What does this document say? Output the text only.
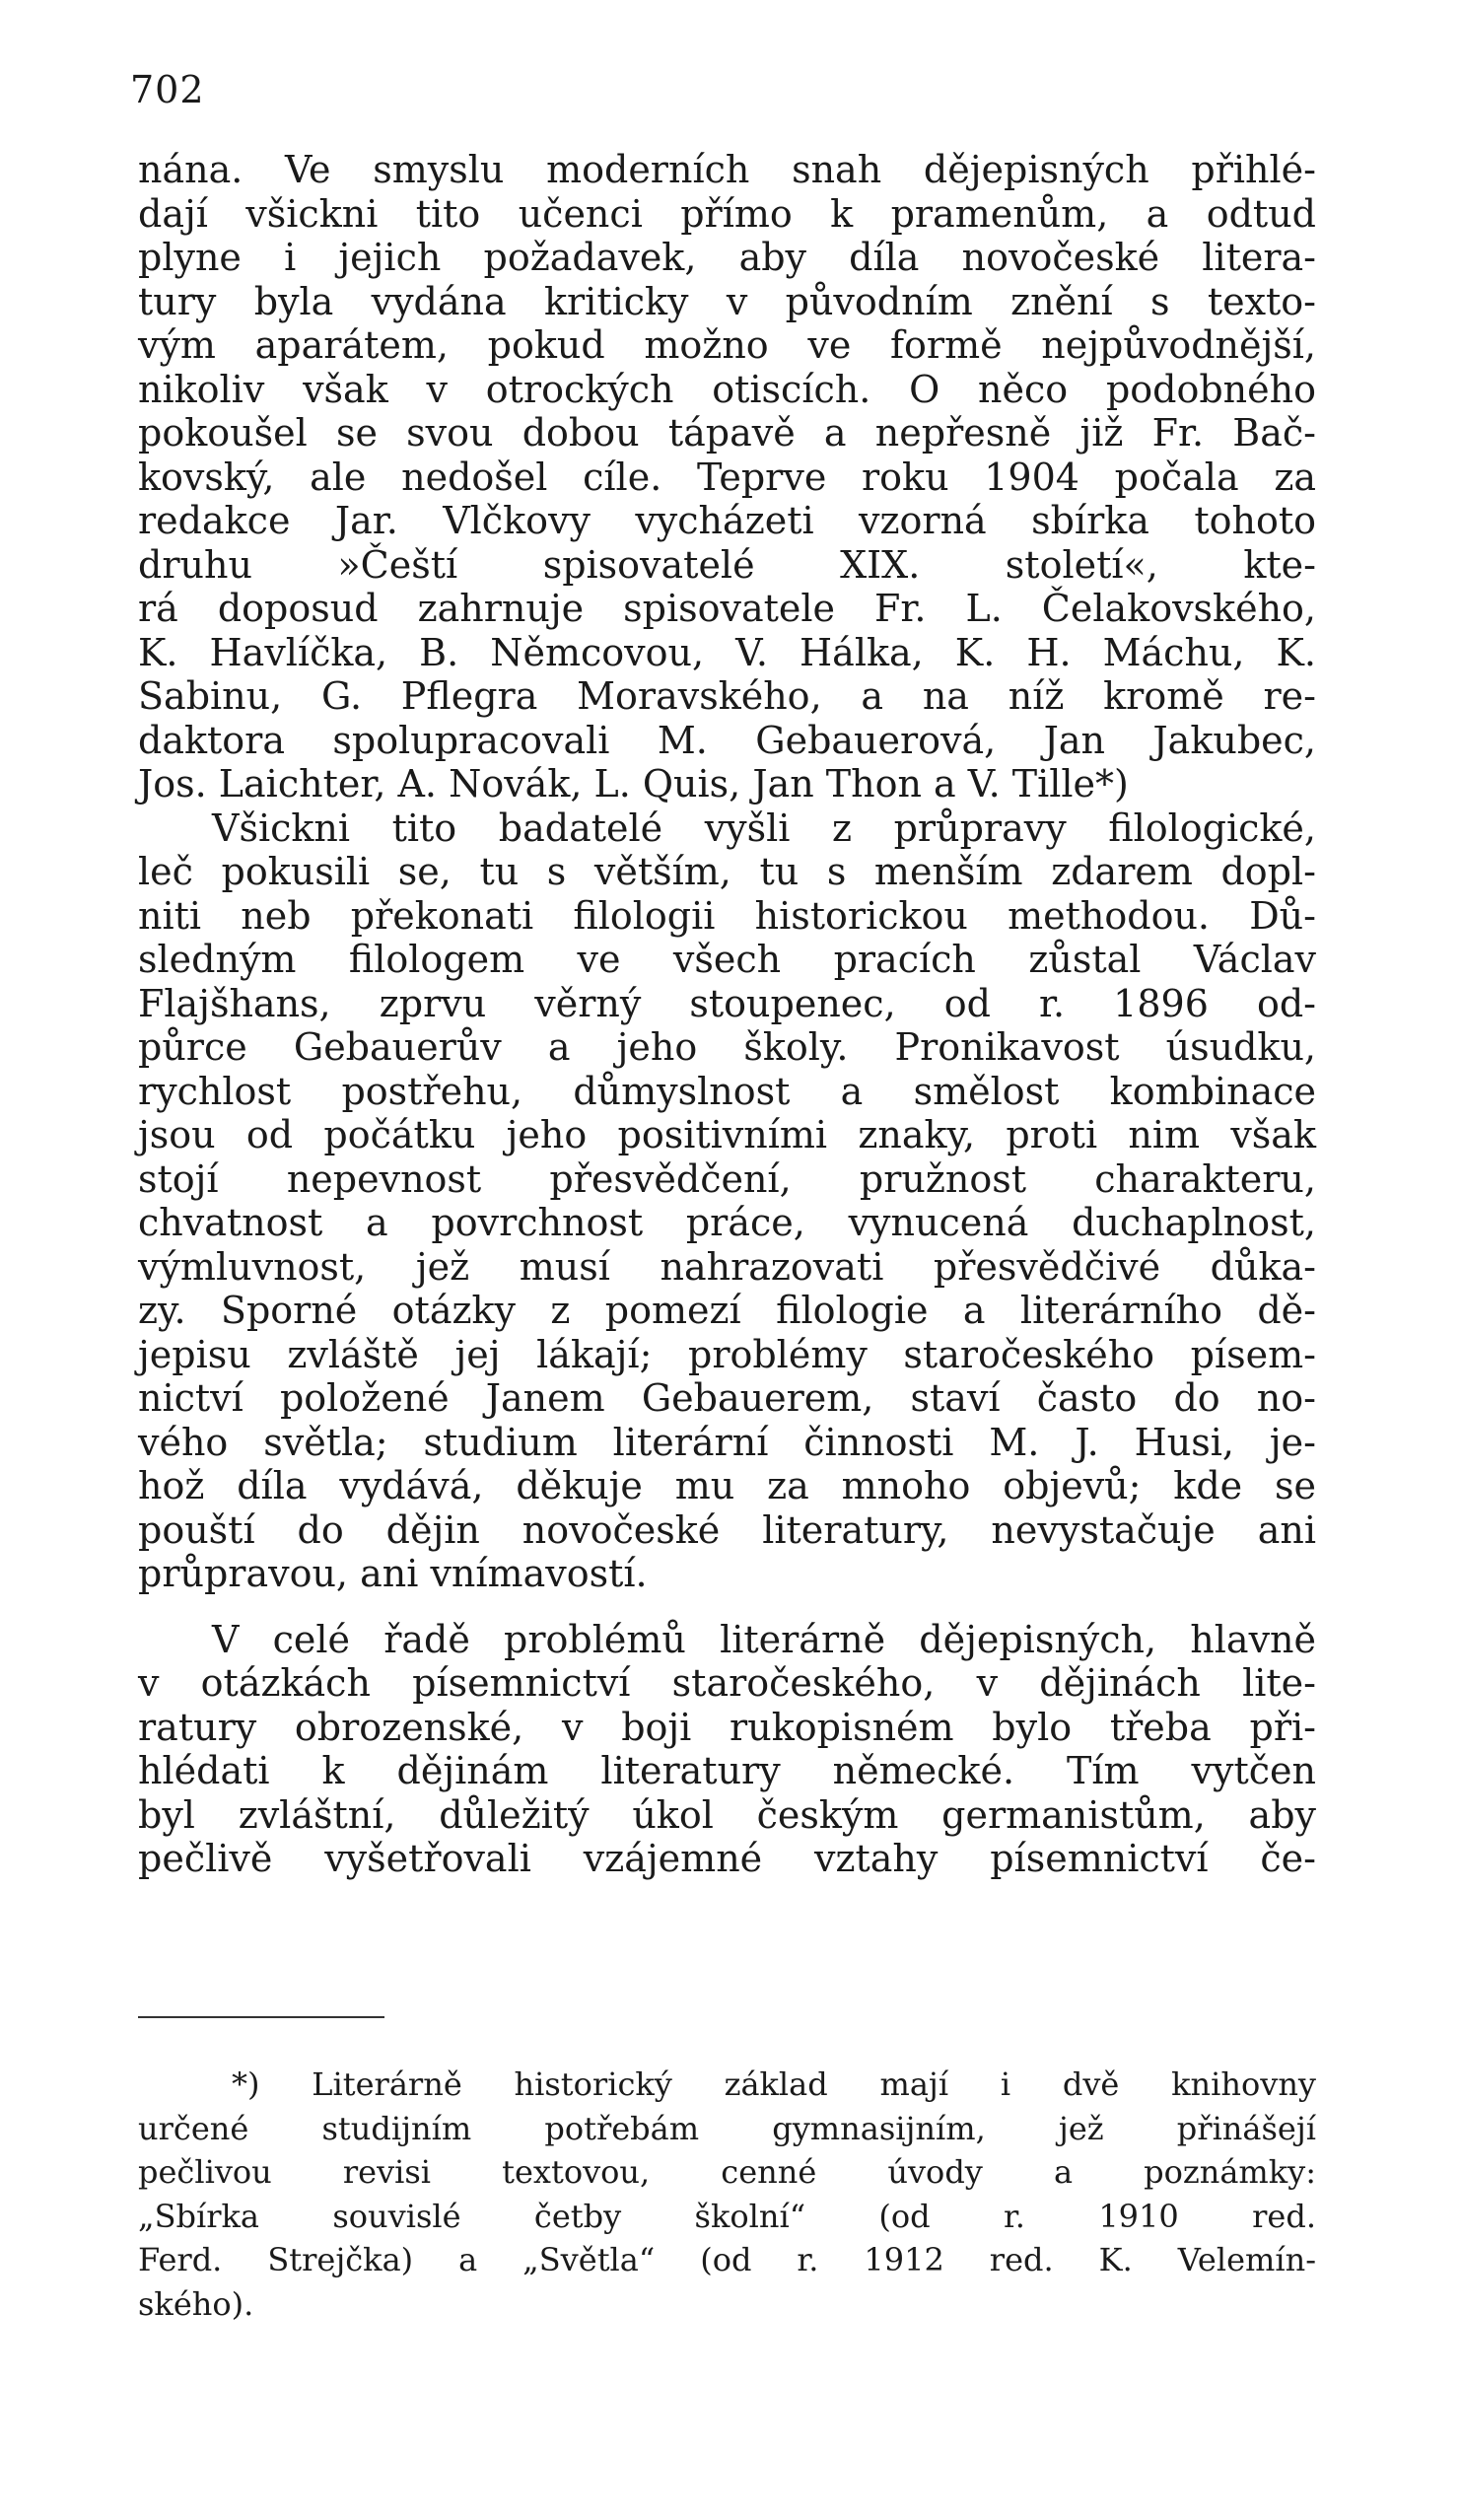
702
nána. Ve smyslu moderních snah dějepisných přihlé-
dají všickni tito učenci přímo k pramenům, a odtud
plyne i jejich požadavek, aby díla novočeské litera-
tury byla vydána kriticky v původním znění s texto-
vým aparátem, pokud možno ve formě nejpůvodnější,
nikoliv však v otrockých otiscích. O něco podobného
pokoušel se svou dobou tápavě a nepřesně již Fr. Bač-
kovský, ale nedošel cíle. Teprve roku 1904 počala za
redakce Jar. Vlčkovy vycházeti vzorná sbírka tohoto
druhu »Čeští spisovatelé XIX. století«, kte-
rá doposud zahrnuje spisovatele Fr. L. Čelakovského,
K. Havlíčka, B. Němcovou, V. Hálka, K. H. Máchu, K.
Sabinu, G. Pflegra Moravského, a na níž kromě re-
daktora spolupracovali M. Gebauerová, Jan Jakubec,
Jos. Laichter, A. Novák, L. Quis, Jan Thon a V. Tille*)
Všickni tito badatelé vyšli z průpravy filologické,
leč pokusili se, tu s větším, tu s menším zdarem dopl-
niti neb překonati filologii historickou methodou. Dů-
sledným filologem ve všech pracích zůstal Václav
Flajšhans, zprvu věrný stoupenec, od r. 1896 od-
půrce Gebauerův a jeho školy. Pronikavost úsudku,
rychlost postřehu, důmyslnost a smělost kombinace
jsou od počátku jeho positivními znaky, proti nim však
stojí nepevnost přesvědčení, pružnost charakteru,
chvatnost a povrchnost práce, vynucená duchaplnost,
výmluvnost, jež musí nahrazovati přesvědčivé důka-
zy. Sporné otázky z pomezí filologie a literárního dě-
jepisu zvláště jej lákají; problémy staročeského písem-
nictví položené Janem Gebauerem, staví často do no-
vého světla; studium literární činnosti M. J. Husi, je-
hož díla vydává, děkuje mu za mnoho objevů; kde se
pouští do dějin novočeské literatury, nevystačuje ani
průpravou, ani vnímavostí.
V celé řadě problémů literárně dějepisných, hlavně
v otázkách písemnictví staročeského, v dějinách lite-
ratury obrozenské, v boji rukopisném bylo třeba při-
hlédati k dějinám literatury německé. Tím vytčen
byl zvláštní, důležitý úkol českým germanistům, aby
pečlivě vyšetřovali vzájemné vztahy písemnictví če-
*) Literárně historický základ mají i dvě knihovny
určené studijním potřebám gymnasijním, jež přinášejí
pečlivou revisi textovou, cenné úvody a poznámky:
„Sbírka souvislé četby školní“ (od r. 1910 red.
Ferd. Strejčka) a „Světla“ (od r. 1912 red. K. Velemín-
ského).
